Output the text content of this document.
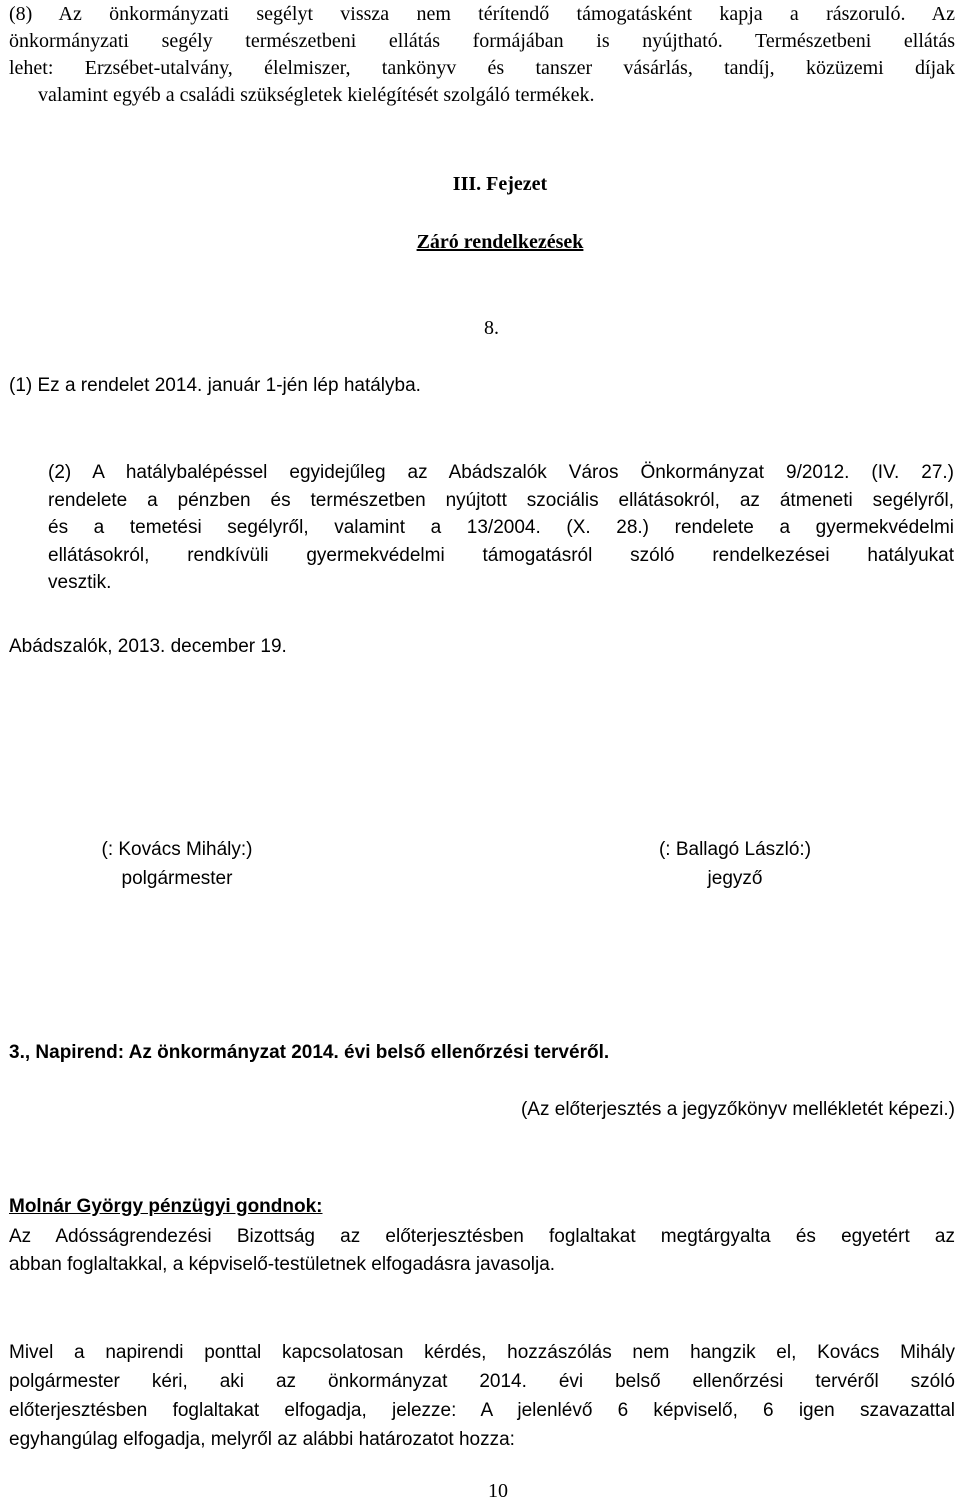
(8) Az önkormányzati segélyt vissza nem térítendő támogatásként kapja a rászoruló. Az
önkormányzati segély természetbeni ellátás formájában is nyújtható. Természetbeni ellátás
lehet: Erzsébet-utalvány, élelmiszer, tankönyv és tanszer vásárlás, tandíj, közüzemi díjak
valamint egyéb a családi szükségletek kielégítését szolgáló termékek.
III. Fejezet
Záró rendelkezések
8.
(1) Ez a rendelet 2014. január 1-jén lép hatályba.
(2) A hatálybalépéssel egyidejűleg az Abádszalók Város Önkormányzat 9/2012. (IV. 27.)
rendelete a pénzben és természetben nyújtott szociális ellátásokról, az átmeneti segélyről,
és a temetési segélyről, valamint a 13/2004. (X. 28.) rendelete a gyermekvédelmi
ellátásokról, rendkívüli gyermekvédelmi támogatásról szóló rendelkezései hatályukat
vesztik.
Abádszalók, 2013. december 19.
(: Kovács Mihály:)
polgármester
(: Ballagó László:)
jegyző
3., Napirend: Az önkormányzat 2014. évi belső ellenőrzési tervéről.
(Az előterjesztés a jegyzőkönyv mellékletét képezi.)
Molnár György pénzügyi gondnok:
Az Adósságrendezési Bizottság az előterjesztésben foglaltakat megtárgyalta és egyetért az
abban foglaltakkal, a képviselő-testületnek elfogadásra javasolja.
Mivel a napirendi ponttal kapcsolatosan kérdés, hozzászólás nem hangzik el, Kovács Mihály
polgármester kéri, aki az önkormányzat 2014. évi belső ellenőrzési tervéről szóló
előterjesztésben foglaltakat elfogadja, jelezze: A jelenlévő 6 képviselő, 6 igen szavazattal
egyhangúlag elfogadja, melyről az alábbi határozatot hozza:
10
